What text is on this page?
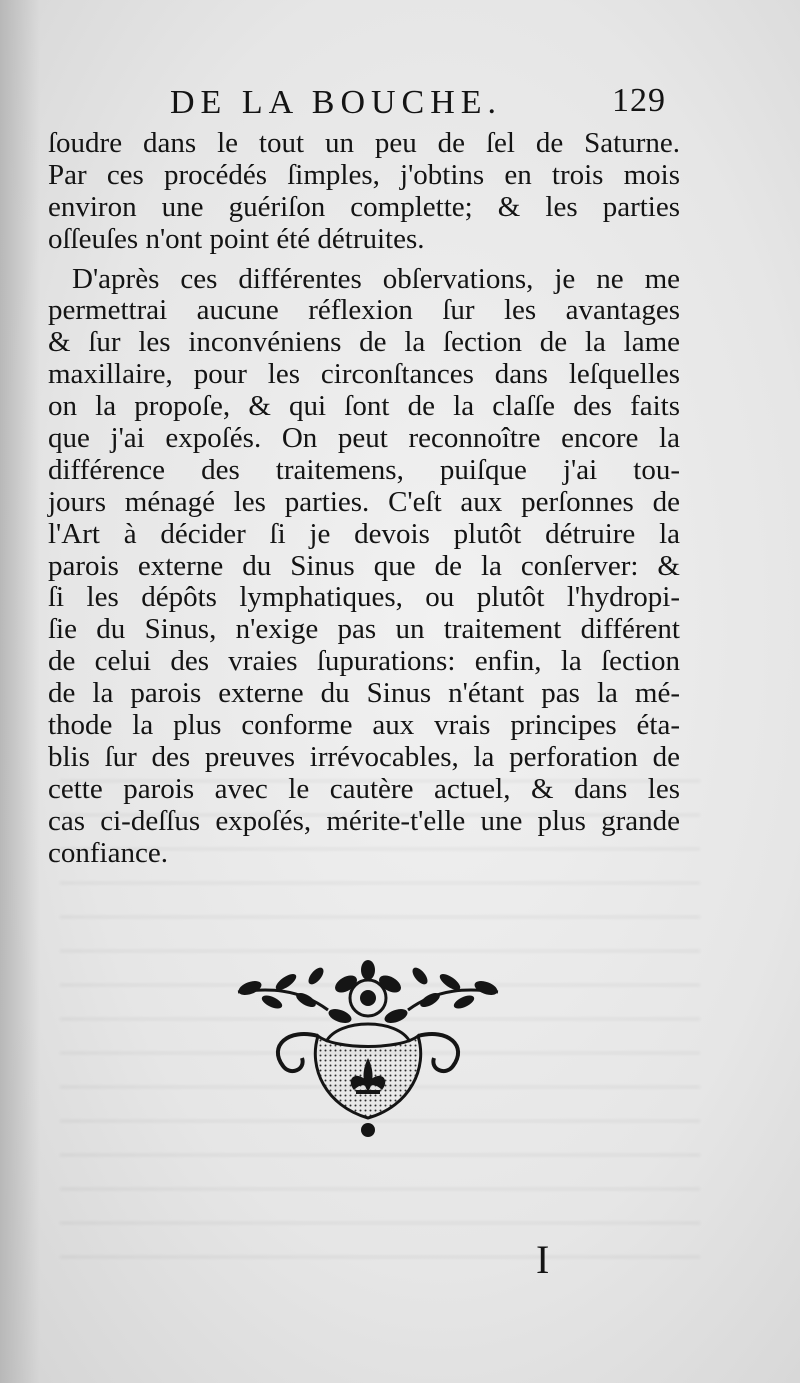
DE LA BOUCHE.	129
ſoudre dans le tout un peu de ſel de Saturne.
Par ces procédés ſimples, j'obtins en trois mois
environ une guériſon complette; & les parties
oſſeuſes n'ont point été détruites.
D'après ces différentes obſervations, je ne me
permettrai aucune réflexion ſur les avantages
& ſur les inconvéniens de la ſection de la lame
maxillaire, pour les circonſtances dans leſquelles
on la propoſe, & qui ſont de la claſſe des faits
que j'ai expoſés. On peut reconnoître encore la
différence des traitemens, puiſque j'ai tou-
jours ménagé les parties. C'eſt aux perſonnes de
l'Art à décider ſi je devois plutôt détruire la
parois externe du Sinus que de la conſerver: &
ſi les dépôts lymphatiques, ou plutôt l'hydropi-
ſie du Sinus, n'exige pas un traitement différent
de celui des vraies ſupurations: enfin, la ſection
de la parois externe du Sinus n'étant pas la mé-
thode la plus conforme aux vrais principes éta-
blis ſur des preuves irrévocables, la perforation de
cette parois avec le cautère actuel, & dans les
cas ci-deſſus expoſés, mérite-t'elle une plus grande
confiance.
I
